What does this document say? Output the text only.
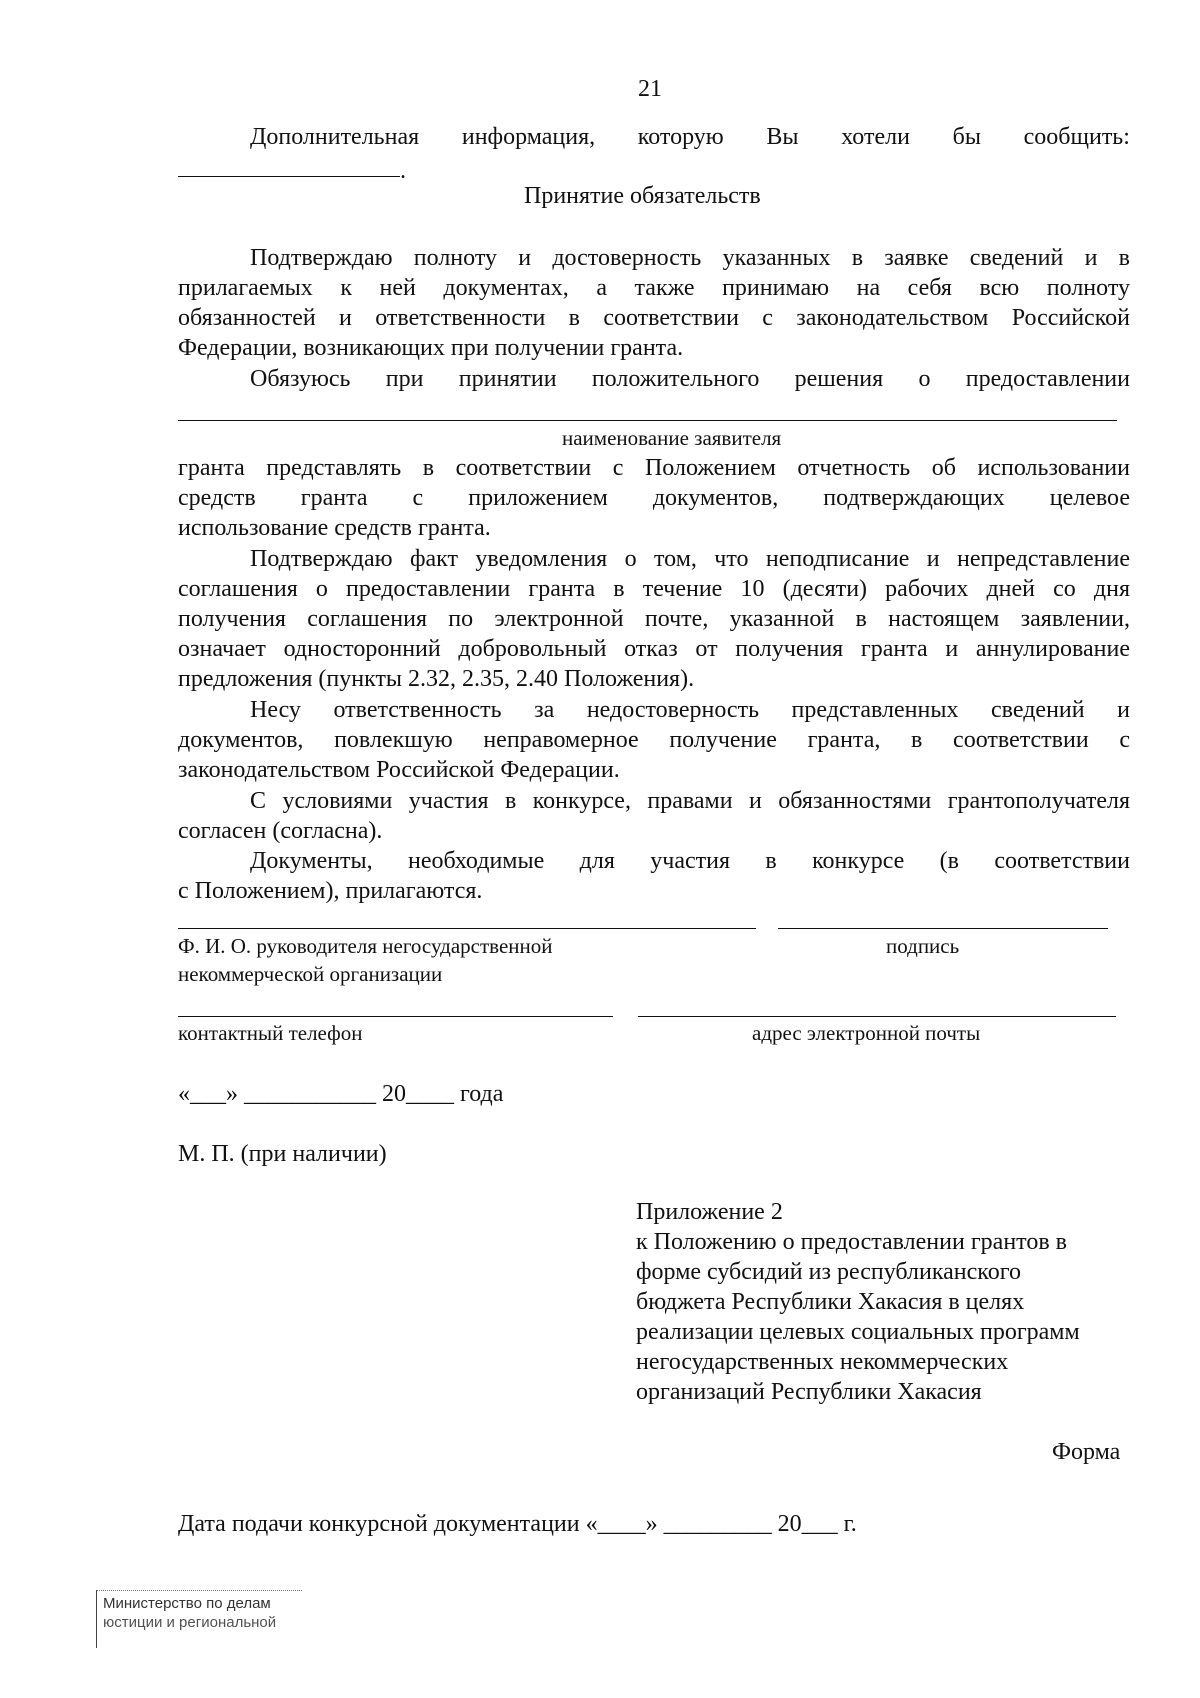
21
Дополнительная информация, которую Вы хотели бы сообщить:
.
Принятие обязательств
Подтверждаю полноту и достоверность указанных в заявке сведений и в
прилагаемых к ней документах, а также принимаю на себя всю полноту
обязанностей и ответственности в соответствии с законодательством Российской
Федерации, возникающих при получении гранта.
Обязуюсь при принятии положительного решения о предоставлении
наименование заявителя
гранта представлять в соответствии с Положением отчетность об использовании
средств гранта с приложением документов, подтверждающих целевое
использование средств гранта.
Подтверждаю факт уведомления о том, что неподписание и непредставление
соглашения о предоставлении гранта в течение 10 (десяти) рабочих дней со дня
получения соглашения по электронной почте, указанной в настоящем заявлении,
означает односторонний добровольный отказ от получения гранта и аннулирование
предложения (пункты 2.32, 2.35, 2.40 Положения).
Несу ответственность за недостоверность представленных сведений и
документов, повлекшую неправомерное получение гранта, в соответствии с
законодательством Российской Федерации.
С условиями участия в конкурсе, правами и обязанностями грантополучателя
согласен (согласна).
Документы, необходимые для участия в конкурсе (в соответствии
с Положением), прилагаются.
Ф. И. О. руководителя негосударственной
некоммерческой организации
подпись
контактный телефон	адрес электронной почты
«___» ___________ 20____ года
М. П. (при наличии)
Приложение 2
к Положению о предоставлении грантов в
форме субсидий из республиканского
бюджета Республики Хакасия в целях
реализации целевых социальных программ
негосударственных некоммерческих
организаций Республики Хакасия
Форма
Дата подачи конкурсной документации «____» _________ 20___ г.
Министерство по делам
юстиции и региональной
